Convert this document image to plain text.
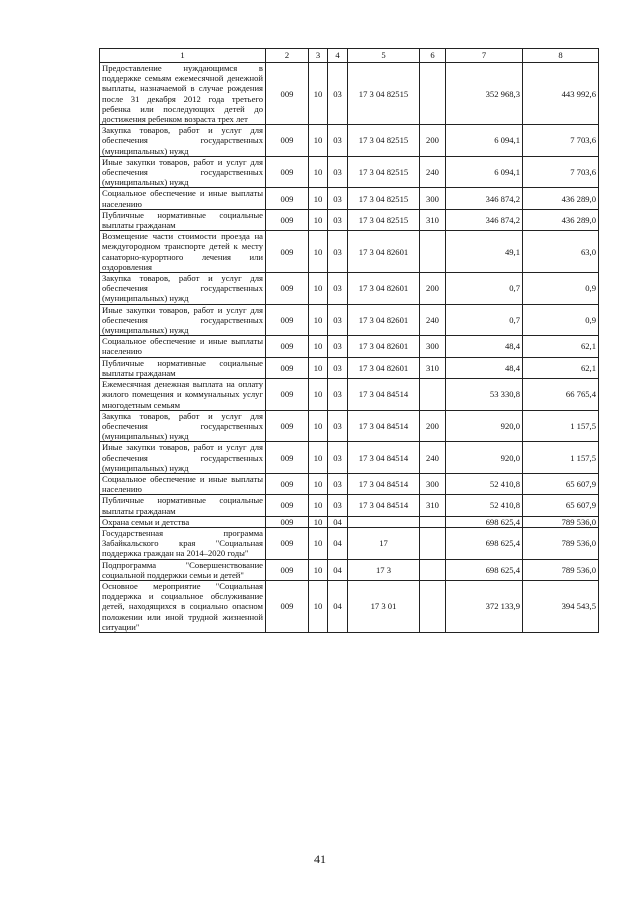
1	2	3	4	5	6	7	8
Предоставление нуждающимся в поддержке семьям ежемесячной денежной выплаты, назначаемой в случае рождения после 31 декабря 2012 года третьего ребенка или последующих детей до достижения ребенком возраста трех лет	009	10	03	17 3 04 82515		352 968,3	443 992,6
Закупка товаров, работ и услуг для обеспечения государственных (муниципальных) нужд	009	10	03	17 3 04 82515	200	6 094,1	7 703,6
Иные закупки товаров, работ и услуг для обеспечения государственных (муниципальных) нужд	009	10	03	17 3 04 82515	240	6 094,1	7 703,6
Социальное обеспечение и иные выплаты населению	009	10	03	17 3 04 82515	300	346 874,2	436 289,0
Публичные нормативные социальные выплаты гражданам	009	10	03	17 3 04 82515	310	346 874,2	436 289,0
Возмещение части стоимости проезда на междугородном транспорте детей к месту санаторно-курортного лечения или оздоровления	009	10	03	17 3 04 82601		49,1	63,0
Закупка товаров, работ и услуг для обеспечения государственных (муниципальных) нужд	009	10	03	17 3 04 82601	200	0,7	0,9
Иные закупки товаров, работ и услуг для обеспечения государственных (муниципальных) нужд	009	10	03	17 3 04 82601	240	0,7	0,9
Социальное обеспечение и иные выплаты населению	009	10	03	17 3 04 82601	300	48,4	62,1
Публичные нормативные социальные выплаты гражданам	009	10	03	17 3 04 82601	310	48,4	62,1
Ежемесячная денежная выплата на оплату жилого помещения и коммунальных услуг многодетным семьям	009	10	03	17 3 04 84514		53 330,8	66 765,4
Закупка товаров, работ и услуг для обеспечения государственных (муниципальных) нужд	009	10	03	17 3 04 84514	200	920,0	1 157,5
Иные закупки товаров, работ и услуг для обеспечения государственных (муниципальных) нужд	009	10	03	17 3 04 84514	240	920,0	1 157,5
Социальное обеспечение и иные выплаты населению	009	10	03	17 3 04 84514	300	52 410,8	65 607,9
Публичные нормативные социальные выплаты гражданам	009	10	03	17 3 04 84514	310	52 410,8	65 607,9
Охрана семьи и детства	009	10	04			698 625,4	789 536,0
Государственная программа Забайкальского края "Социальная поддержка граждан на 2014–2020 годы"	009	10	04	17		698 625,4	789 536,0
Подпрограмма "Совершенствование социальной поддержки семьи и детей"	009	10	04	17 3		698 625,4	789 536,0
Основное мероприятие "Социальная поддержка и социальное обслуживание детей, находящихся в социально опасном положении или иной трудной жизненной ситуации"	009	10	04	17 3 01		372 133,9	394 543,5
41
